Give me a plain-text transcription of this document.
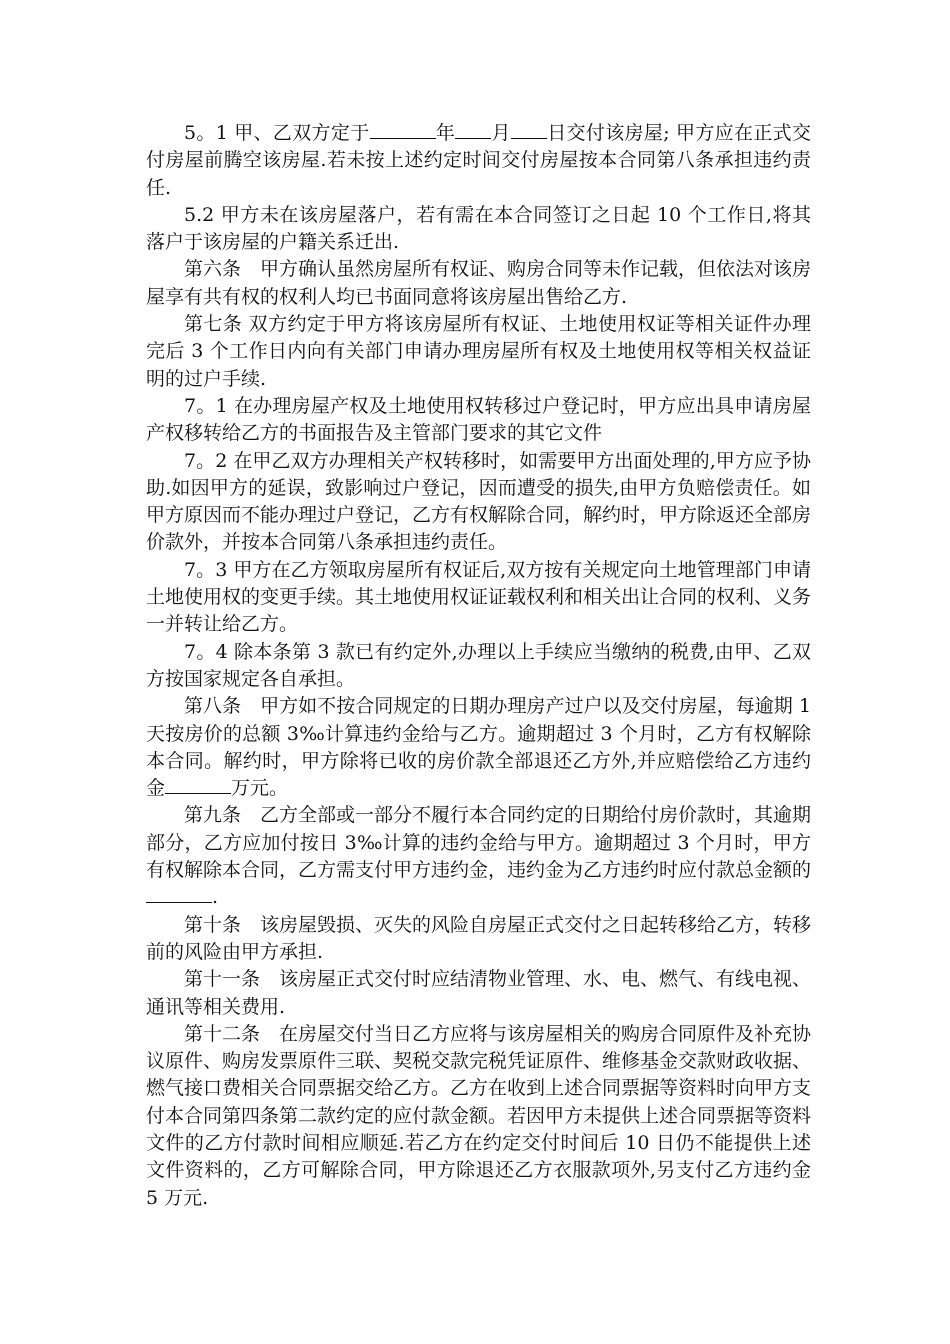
5。1 甲、乙双方定于	年 月 日交付该房屋; 甲方应在正式交付房屋前腾空该房屋.若未按上述约定时间交付房屋按本合同第八条承担违约责任.

5.2 甲方未在该房屋落户，若有需在本合同签订之日起 10 个工作日,将其落户于该房屋的户籍关系迁出.

第六条　甲方确认虽然房屋所有权证、购房合同等未作记载，但依法对该房屋享有共有权的权利人均已书面同意将该房屋出售给乙方.

第七条 双方约定于甲方将该房屋所有权证、土地使用权证等相关证件办理完后 3 个工作日内向有关部门申请办理房屋所有权及土地使用权等相关权益证明的过户手续.

7。1 在办理房屋产权及土地使用权转移过户登记时，甲方应出具申请房屋产权移转给乙方的书面报告及主管部门要求的其它文件

7。2 在甲乙双方办理相关产权转移时，如需要甲方出面处理的,甲方应予协助.如因甲方的延误，致影响过户登记，因而遭受的损失,由甲方负赔偿责任。如甲方原因而不能办理过户登记，乙方有权解除合同，解约时，甲方除返还全部房价款外，并按本合同第八条承担违约责任。

7。3 甲方在乙方领取房屋所有权证后,双方按有关规定向土地管理部门申请土地使用权的变更手续。其土地使用权证证载权利和相关出让合同的权利、义务一并转让给乙方。

7。4 除本条第 3 款已有约定外,办理以上手续应当缴纳的税费,由甲、乙双方按国家规定各自承担。

第八条　甲方如不按合同规定的日期办理房产过户以及交付房屋，每逾期 1 天按房价的总额 3‰计算违约金给与乙方。逾期超过 3 个月时，乙方有权解除本合同。解约时，甲方除将已收的房价款全部退还乙方外,并应赔偿给乙方违约金	万元。

第九条　乙方全部或一部分不履行本合同约定的日期给付房价款时，其逾期部分，乙方应加付按日 3‰计算的违约金给与甲方。逾期超过 3 个月时，甲方有权解除本合同，乙方需支付甲方违约金，违约金为乙方违约时应付款总金额的.

第十条　该房屋毁损、灭失的风险自房屋正式交付之日起转移给乙方，转移前的风险由甲方承担.

第十一条　该房屋正式交付时应结清物业管理、水、电、燃气、有线电视、通讯等相关费用.

第十二条　在房屋交付当日乙方应将与该房屋相关的购房合同原件及补充协议原件、购房发票原件三联、契税交款完税凭证原件、维修基金交款财政收据、燃气接口费相关合同票据交给乙方。乙方在收到上述合同票据等资料时向甲方支付本合同第四条第二款约定的应付款金额。若因甲方未提供上述合同票据等资料文件的乙方付款时间相应顺延.若乙方在约定交付时间后 10 日仍不能提供上述文件资料的，乙方可解除合同，甲方除退还乙方衣服款项外,另支付乙方违约金 5 万元.
